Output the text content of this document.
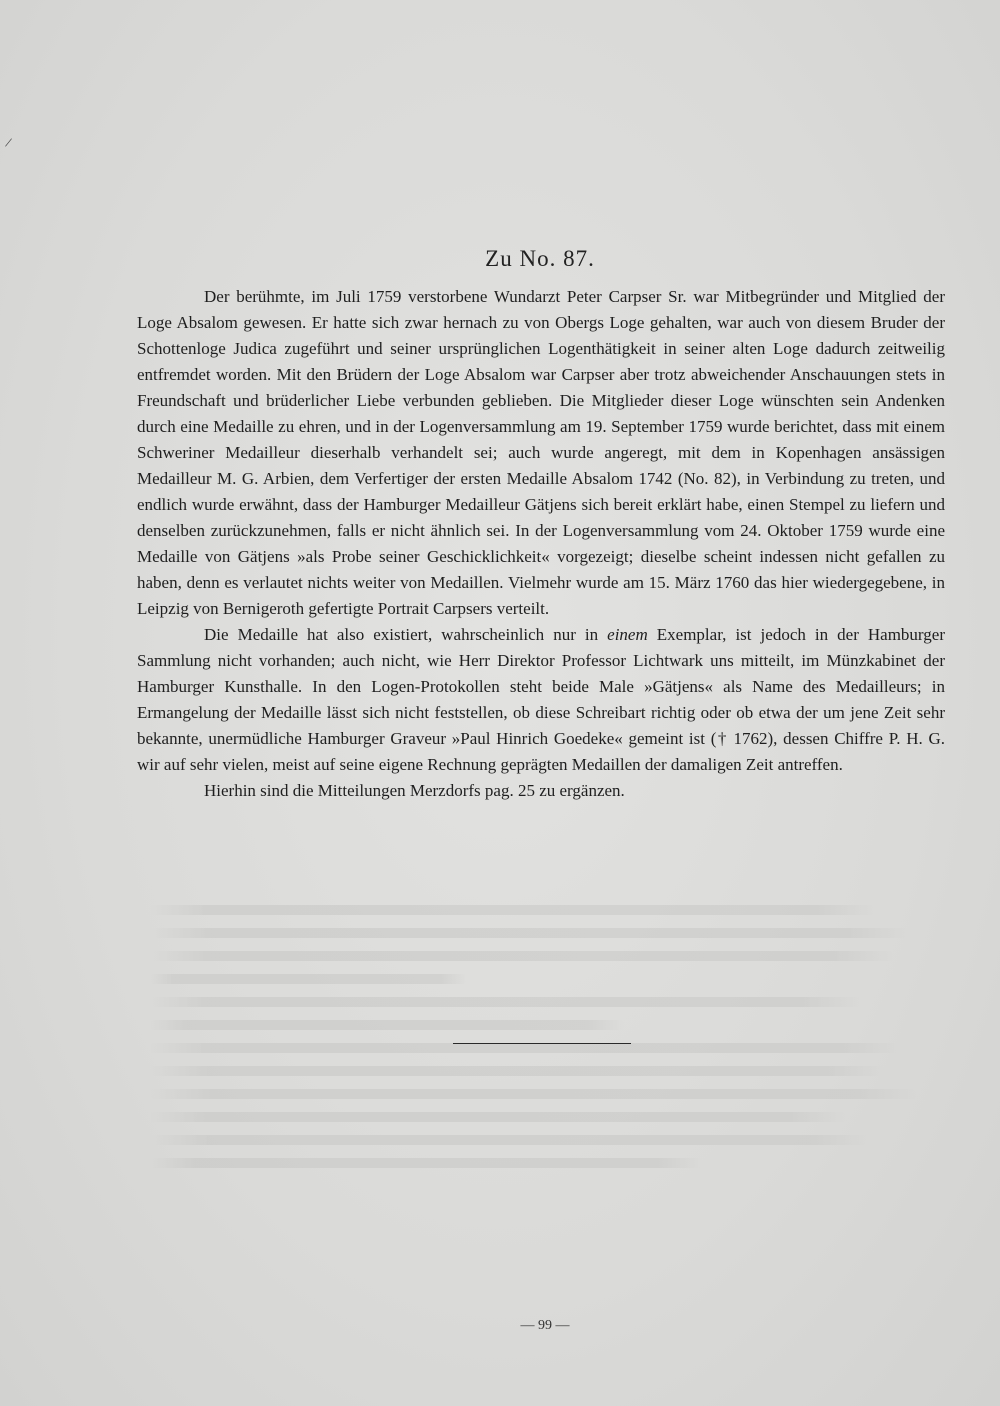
/
Zu No. 87.

Der berühmte, im Juli 1759 verstorbene Wundarzt Peter Carpser Sr. war Mitbegründer und Mitglied der Loge Absalom gewesen. Er hatte sich zwar hernach zu von Obergs Loge gehalten, war auch von diesem Bruder der Schottenloge Judica zugeführt und seiner ursprünglichen Logenthätigkeit in seiner alten Loge dadurch zeitweilig entfremdet worden. Mit den Brüdern der Loge Absalom war Carpser aber trotz abweichender Anschauungen stets in Freundschaft und brüderlicher Liebe verbunden geblieben. Die Mitglieder dieser Loge wünschten sein Andenken durch eine Medaille zu ehren, und in der Logenversammlung am 19. September 1759 wurde berichtet, dass mit einem Schweriner Medailleur dieserhalb verhandelt sei; auch wurde angeregt, mit dem in Kopenhagen ansässigen Medailleur M. G. Arbien, dem Verfertiger der ersten Medaille Absalom 1742 (No. 82), in Verbindung zu treten, und endlich wurde erwähnt, dass der Hamburger Medailleur Gätjens sich bereit erklärt habe, einen Stempel zu liefern und denselben zurückzunehmen, falls er nicht ähnlich sei. In der Logenversammlung vom 24. Oktober 1759 wurde eine Medaille von Gätjens »als Probe seiner Geschicklichkeit« vorgezeigt; dieselbe scheint indessen nicht gefallen zu haben, denn es verlautet nichts weiter von Medaillen. Vielmehr wurde am 15. März 1760 das hier wiedergegebene, in Leipzig von Bernigeroth gefertigte Portrait Carpsers verteilt.

Die Medaille hat also existiert, wahrscheinlich nur in einem Exemplar, ist jedoch in der Hamburger Sammlung nicht vorhanden; auch nicht, wie Herr Direktor Professor Lichtwark uns mitteilt, im Münzkabinet der Hamburger Kunsthalle. In den Logen-Protokollen steht beide Male »Gätjens« als Name des Medailleurs; in Ermangelung der Medaille lässt sich nicht feststellen, ob diese Schreibart richtig oder ob etwa der um jene Zeit sehr bekannte, unermüdliche Hamburger Graveur »Paul Hinrich Goedeke« gemeint ist († 1762), dessen Chiffre P. H. G. wir auf sehr vielen, meist auf seine eigene Rechnung geprägten Medaillen der damaligen Zeit antreffen.

Hierhin sind die Mitteilungen Merzdorfs pag. 25 zu ergänzen.

— 99 —
